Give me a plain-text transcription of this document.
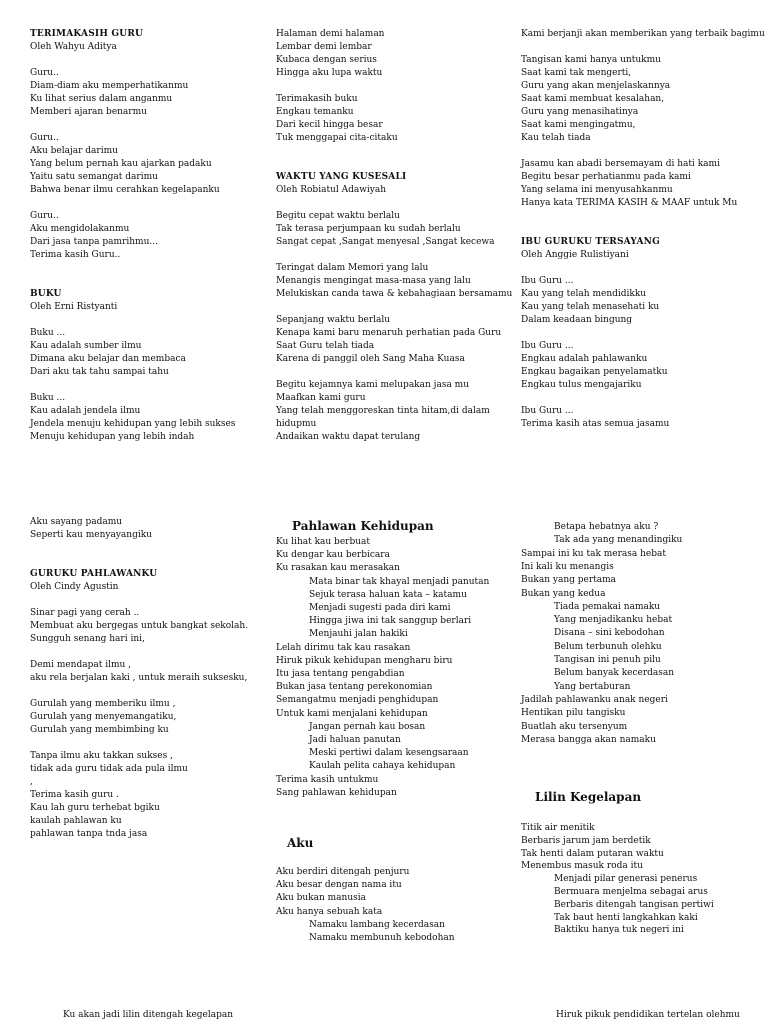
TERIMAKASIH GURU
Oleh Wahyu Aditya
Guru..
Diam-diam aku memperhatikanmu
Ku lihat serius dalam anganmu
Memberi ajaran benarmu
Guru..
Aku belajar darimu
Yang belum pernah kau ajarkan padaku
Yaitu satu semangat darimu
Bahwa benar ilmu cerahkan kegelapanku
Guru..
Aku mengidolakanmu
Dari jasa tanpa pamrihmu...
Terima kasih Guru..
BUKU
Oleh Erni Ristyanti
Buku ...
Kau adalah sumber ilmu
Dimana aku belajar dan membaca
Dari aku tak tahu sampai tahu
Buku ...
Kau adalah jendela ilmu
Jendela menuju kehidupan yang lebih sukses
Menuju kehidupan yang lebih indah
Halaman demi halaman
Lembar demi lembar
Kubaca dengan serius
Hingga aku lupa waktu
Terimakasih buku
Engkau temanku
Dari kecil hingga besar
Tuk menggapai cita-citaku
WAKTU YANG KUSESALI
Oleh Robiatul Adawiyah
Begitu cepat waktu berlalu
Tak terasa perjumpaan ku sudah berlalu
Sangat cepat ,Sangat menyesal ,Sangat kecewa
Teringat dalam Memori yang lalu
Menangis mengingat masa-masa yang lalu
Melukiskan canda tawa & kebahagiaan bersamamu
Sepanjang waktu berlalu
Kenapa kami baru menaruh perhatian pada Guru
Saat Guru telah tiada
Karena di panggil oleh Sang Maha Kuasa
Begitu kejamnya kami melupakan jasa mu
Maafkan kami guru
Yang telah menggoreskan tinta hitam,di dalam
hidupmu
Andaikan waktu dapat terulang
Kami berjanji akan memberikan yang terbaik bagimu
Tangisan kami hanya untukmu
Saat kami tak mengerti,
Guru yang akan menjelaskannya
Saat kami membuat kesalahan,
Guru yang menasihatinya
Saat kami mengingatmu,
Kau telah tiada
Jasamu kan abadi bersemayam di hati kami
Begitu besar perhatianmu pada kami
Yang selama ini menyusahkanmu
Hanya kata TERIMA KASIH & MAAF untuk Mu
IBU GURUKU TERSAYANG
Oleh Anggie Rulistiyani
Ibu Guru ...
Kau yang telah mendidikku
Kau yang telah menasehati ku
Dalam keadaan bingung
Ibu Guru ...
Engkau adalah pahlawanku
Engkau bagaikan penyelamatku
Engkau tulus mengajariku
Ibu Guru ...
Terima kasih atas semua jasamu
Aku sayang padamu
Seperti kau menyayangiku
GURUKU PAHLAWANKU
Oleh Cindy Agustin
Sinar pagi yang cerah ..
Membuat aku bergegas untuk bangkat sekolah.
Sungguh senang hari ini,
Demi mendapat ilmu ,
aku rela berjalan kaki , untuk meraih suksesku,
Gurulah yang memberiku ilmu ,
Gurulah yang menyemangatiku,
Gurulah yang membimbing ku
Tanpa ilmu aku takkan sukses ,
tidak ada guru tidak ada pula ilmu
,
Terima kasih guru .
Kau lah guru terhebat bgiku
kaulah pahlawan ku
pahlawan tanpa tnda jasa
Pahlawan Kehidupan
Ku lihat kau berbuat
Ku dengar kau berbicara
Ku rasakan kau merasakan
Mata binar tak khayal menjadi panutan
Sejuk terasa haluan kata – katamu
Menjadi sugesti pada diri kami
Hingga jiwa ini tak sanggup berlari
Menjauhi jalan hakiki
Lelah dirimu tak kau rasakan
Hiruk pikuk kehidupan mengharu biru
Itu jasa tentang pengabdian
Bukan jasa tentang perekonomian
Semangatmu menjadi penghidupan
Untuk kami menjalani kehidupan
Jangan pernah kau bosan
Jadi haluan panutan
Meski pertiwi dalam kesengsaraan
Kaulah pelita cahaya kehidupan
Terima kasih untukmu
Sang pahlawan kehidupan
Aku
Aku berdiri ditengah penjuru
Aku besar dengan nama itu
Aku bukan manusia
Aku hanya sebuah kata
Namaku lambang kecerdasan
Namaku membunuh kebodohan
Betapa hebatnya aku ?
Tak ada yang menandingiku
Sampai ini ku tak merasa hebat
Ini kali ku menangis
Bukan yang pertama
Bukan yang kedua
Tiada pemakai namaku
Yang menjadikanku hebat
Disana – sini kebodohan
Belum terbunuh olehku
Tangisan ini penuh pilu
Belum banyak kecerdasan
Yang bertaburan
Jadilah pahlawanku anak negeri
Hentikan pilu tangisku
Buatlah aku tersenyum
Merasa bangga akan namaku
Lilin Kegelapan
Titik air menitik
Berbaris jarum jam berdetik
Tak henti dalam putaran waktu
Menembus masuk roda itu
Menjadi pilar generasi penerus
Bermuara menjelma sebagai arus
Berbaris ditengah tangisan pertiwi
Tak baut henti langkahkan kaki
Baktiku hanya tuk negeri ini
Ku akan jadi lilin ditengah kegelapan	Hiruk pikuk pendidikan tertelan olehmu
